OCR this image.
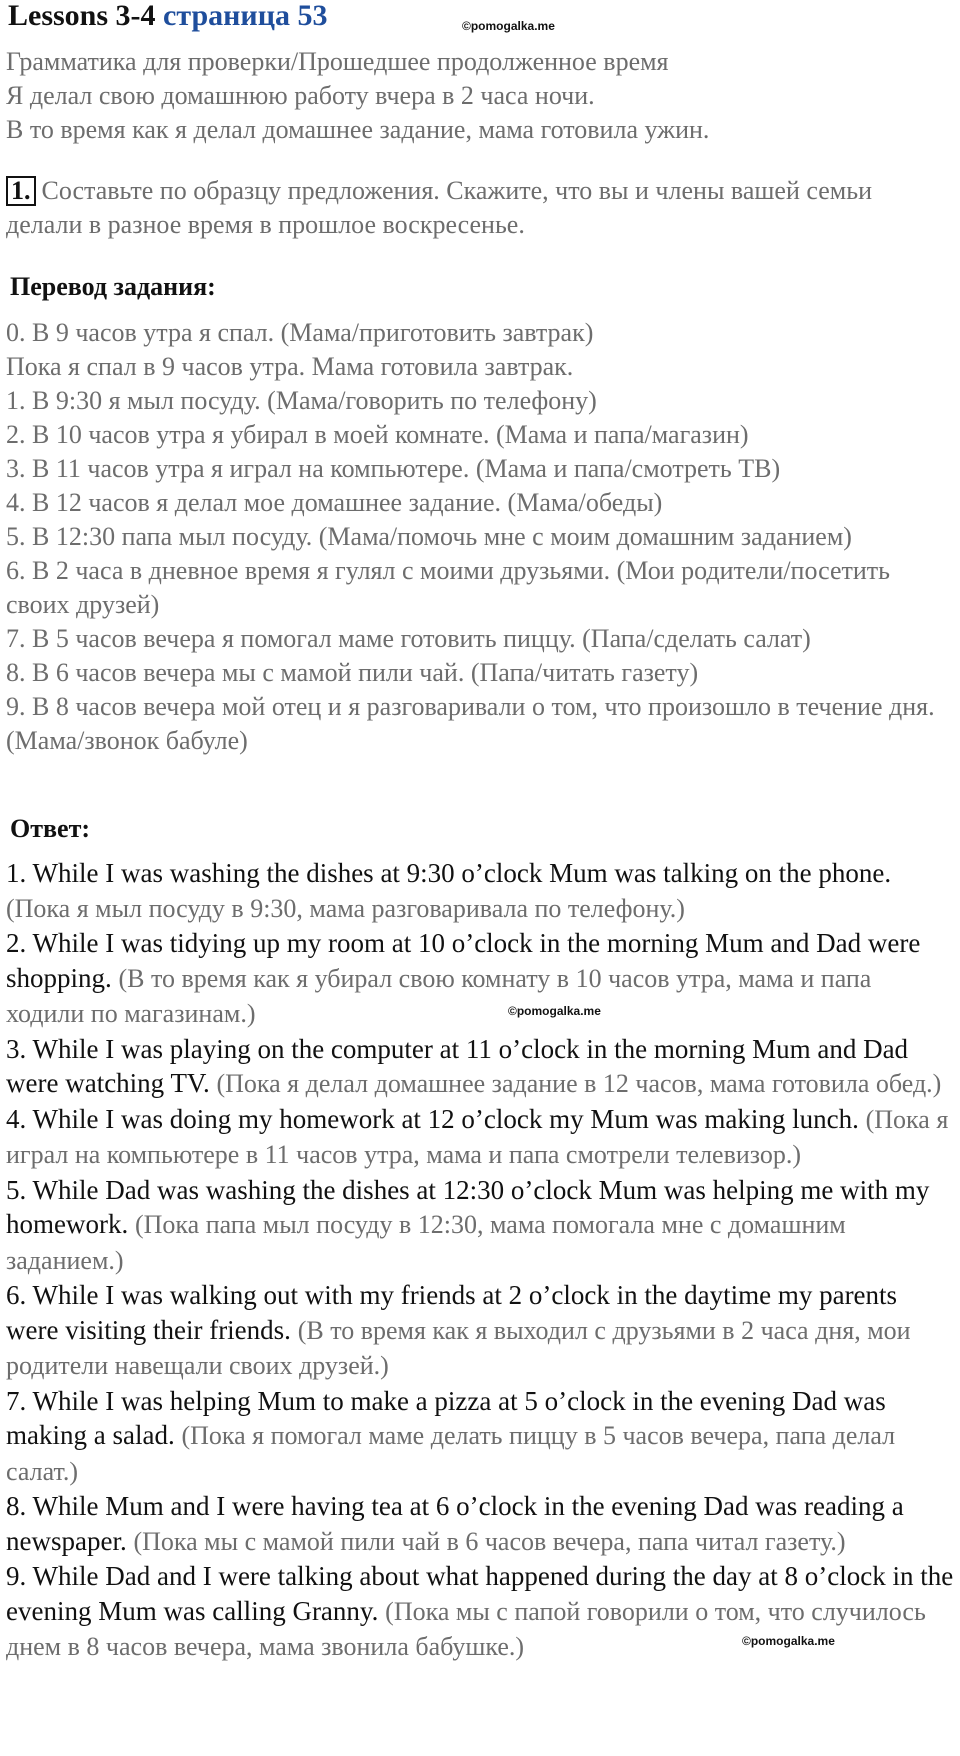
Lessons 3-4 страница 53	©pomogalka.me
Грамматика для проверки/Прошедшее продолженное время
Я делал свою домашнюю работу вчера в 2 часа ночи.
В то время как я делал домашнее задание, мама готовила ужин.
1. Составьте по образцу предложения. Скажите, что вы и члены вашей семьи делали в разное время в прошлое воскресенье.
Перевод задания:
0. В 9 часов утра я спал. (Мама/приготовить завтрак)
Пока я спал в 9 часов утра. Мама готовила завтрак.
1. В 9:30 я мыл посуду. (Мама/говорить по телефону)
2. В 10 часов утра я убирал в моей комнате. (Мама и папа/магазин)
3. В 11 часов утра я играл на компьютере. (Мама и папа/смотреть ТВ)
4. В 12 часов я делал мое домашнее задание. (Мама/обеды)
5. В 12:30 папа мыл посуду. (Мама/помочь мне с моим домашним заданием)
6. В 2 часа в дневное время я гулял с моими друзьями. (Мои родители/посетить своих друзей)
7. В 5 часов вечера я помогал маме готовить пиццу. (Папа/сделать салат)
8. В 6 часов вечера мы с мамой пили чай. (Папа/читать газету)
9. В 8 часов вечера мой отец и я разговаривали о том, что произошло в течение дня. (Мама/звонок бабуле)
Ответ:
1. While I was washing the dishes at 9:30 o’clock Mum was talking on the phone. (Пока я мыл посуду в 9:30, мама разговаривала по телефону.)
2. While I was tidying up my room at 10 o’clock in the morning Mum and Dad were shopping. (В то время как я убирал свою комнату в 10 часов утра, мама и папа ходили по магазинам.)
3. While I was playing on the computer at 11 o’clock in the morning Mum and Dad were watching TV. (Пока я делал домашнее задание в 12 часов, мама готовила обед.)
4. While I was doing my homework at 12 o’clock my Mum was making lunch. (Пока я играл на компьютере в 11 часов утра, мама и папа смотрели телевизор.)
5. While Dad was washing the dishes at 12:30 o’clock Mum was helping me with my homework. (Пока папа мыл посуду в 12:30, мама помогала мне с домашним заданием.)
6. While I was walking out with my friends at 2 o’clock in the daytime my parents were visiting their friends. (В то время как я выходил с друзьями в 2 часа дня, мои родители навещали своих друзей.)
7. While I was helping Mum to make a pizza at 5 o’clock in the evening Dad was making a salad. (Пока я помогал маме делать пиццу в 5 часов вечера, папа делал салат.)
8. While Mum and I were having tea at 6 o’clock in the evening Dad was reading a newspaper. (Пока мы с мамой пили чай в 6 часов вечера, папа читал газету.)
9. While Dad and I were talking about what happened during the day at 8 o’clock in the evening Mum was calling Granny. (Пока мы с папой говорили о том, что случилось днем в 8 часов вечера, мама звонила бабушке.)
©pomogalka.me
©pomogalka.me
